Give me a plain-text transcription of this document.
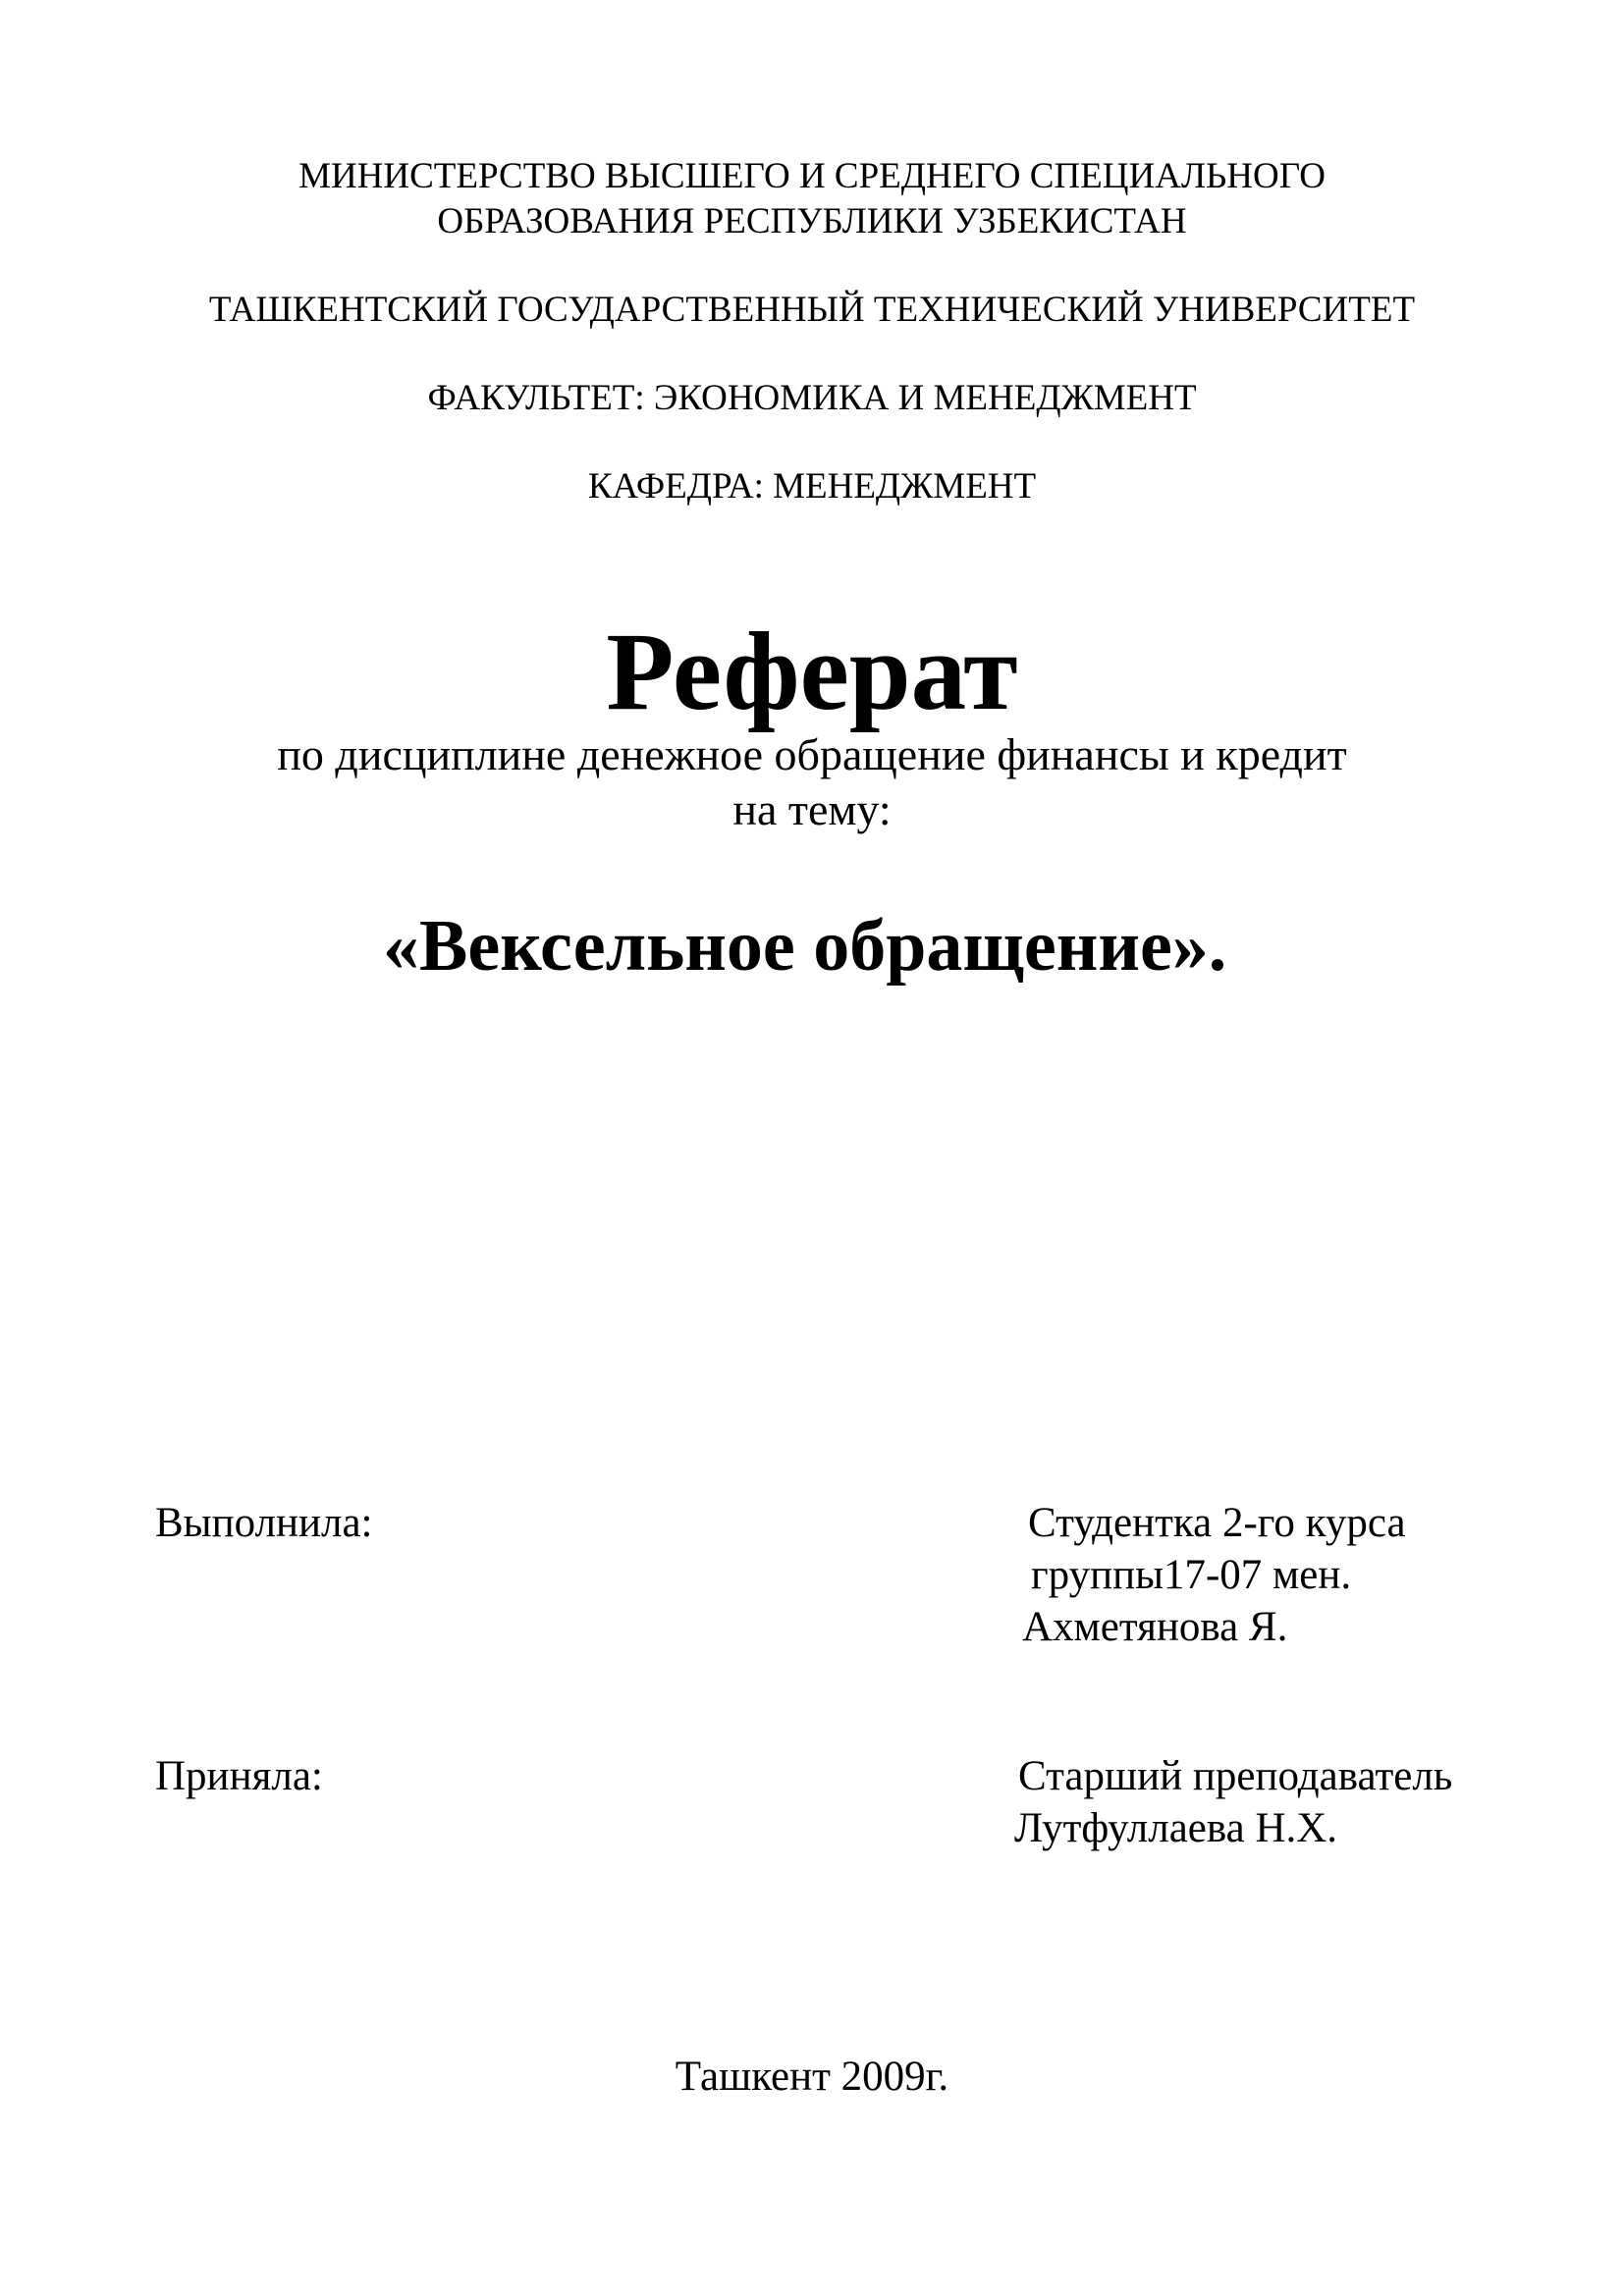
МИНИСТЕРСТВО ВЫСШЕГО И СРЕДНЕГО СПЕЦИАЛЬНОГО
ОБРАЗОВАНИЯ РЕСПУБЛИКИ УЗБЕКИСТАН
ТАШКЕНТСКИЙ ГОСУДАРСТВЕННЫЙ ТЕХНИЧЕСКИЙ УНИВЕРСИТЕТ
ФАКУЛЬТЕТ: ЭКОНОМИКА И МЕНЕДЖМЕНТ
КАФЕДРА: МЕНЕДЖМЕНТ
Реферат
по дисциплине денежное обращение финансы и кредит
на тему:
«Вексельное обращение».
Выполнила:	Студентка 2-го курса
группы17-07 мен.
Ахметянова Я.
Приняла:	Старший преподаватель
Лутфуллаева Н.Х.
Ташкент 2009г.
